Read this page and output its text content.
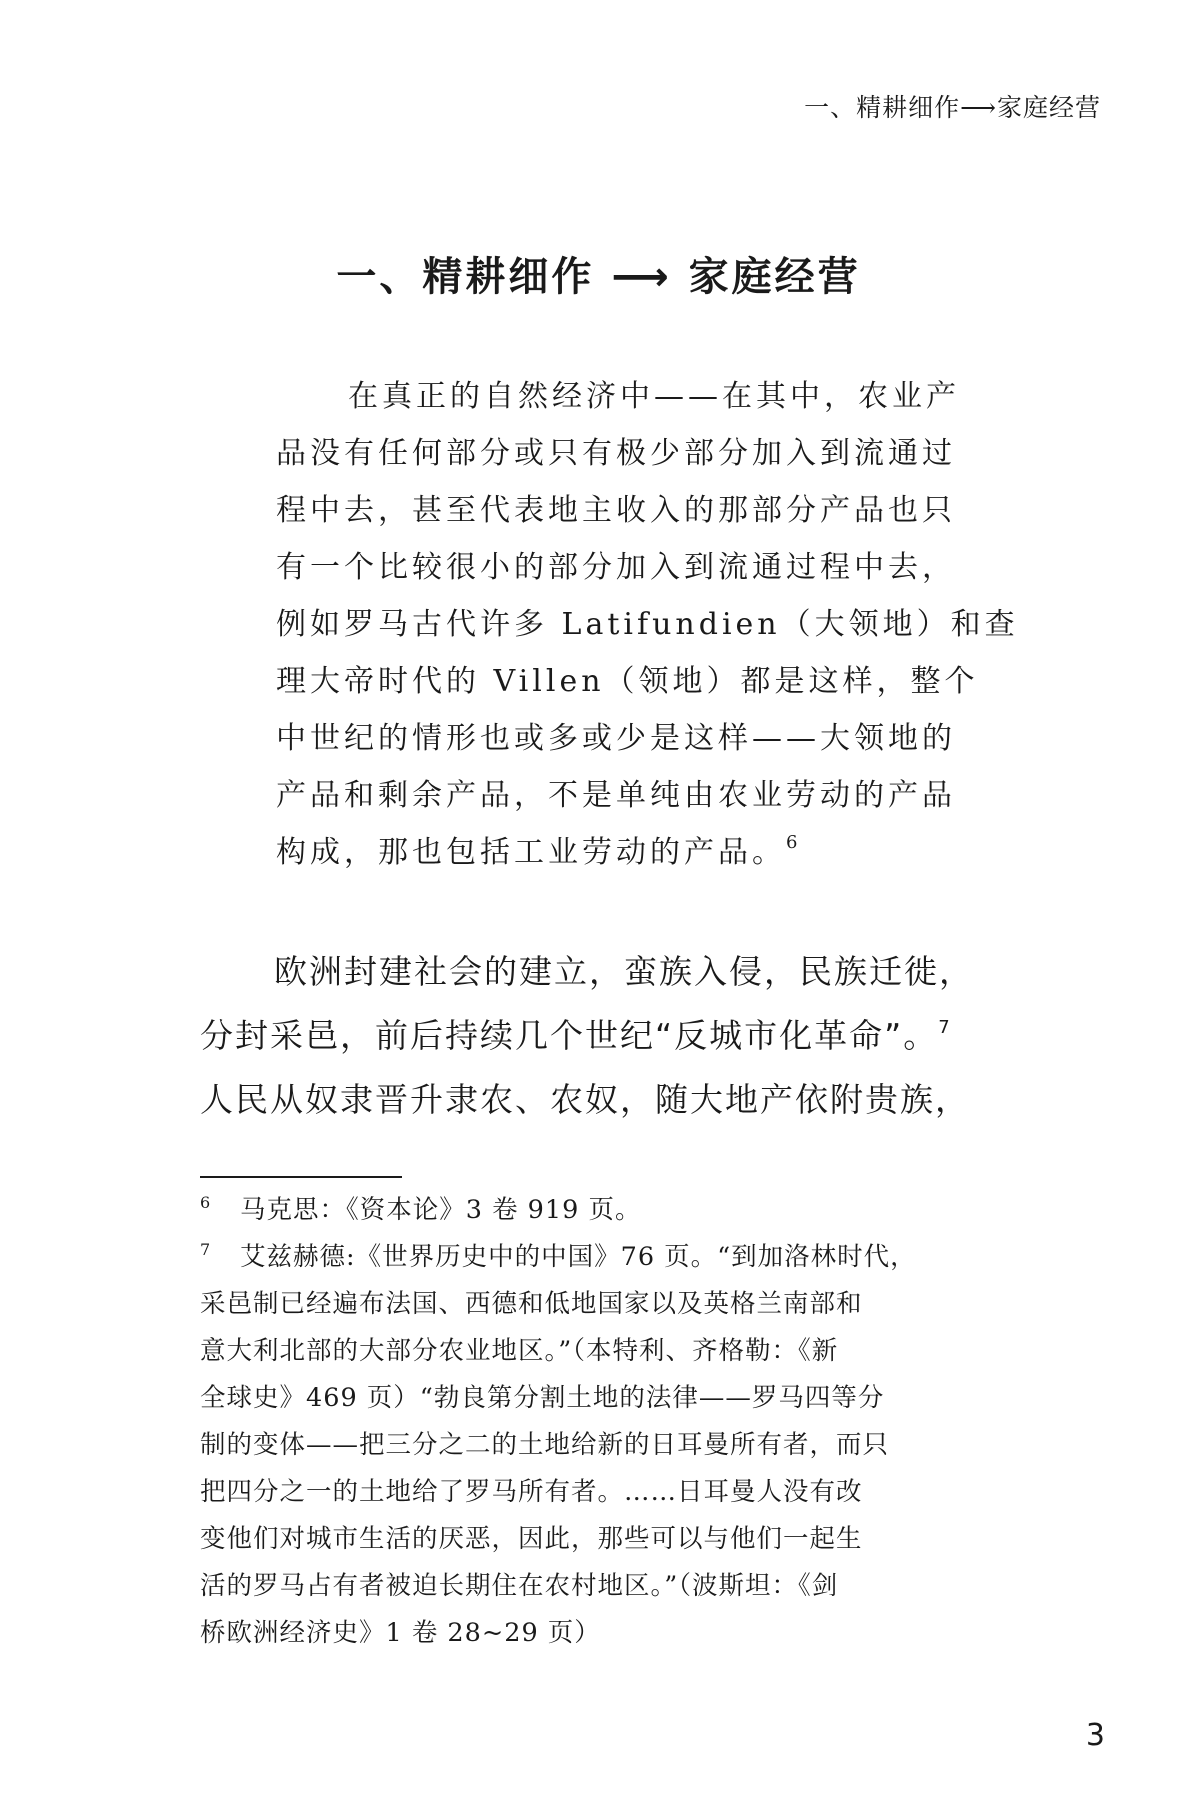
一、精耕细作⟶家庭经营
一、精耕细作 ⟶ 家庭经营
在真正的自然经济中——在其中，农业产
品没有任何部分或只有极少部分加入到流通过
程中去，甚至代表地主收入的那部分产品也只
有一个比较很小的部分加入到流通过程中去，
例如罗马古代许多 Latifundien（大领地）和查
理大帝时代的 Villen（领地）都是这样，整个
中世纪的情形也或多或少是这样——大领地的
产品和剩余产品，不是单纯由农业劳动的产品
构成，那也包括工业劳动的产品。$^6$
欧洲封建社会的建立，蛮族入侵，民族迁徙，
分封采邑，前后持续几个世纪“反城市化革命”。$^7$
人民从奴隶晋升隶农、农奴，随大地产依附贵族，
6 马克思：《资本论》3 卷 919 页。
7 艾兹赫德:《世界历史中的中国》76 页。“到加洛林时代，
采邑制已经遍布法国、西德和低地国家以及英格兰南部和
意大利北部的大部分农业地区。”（本特利、齐格勒：《新
全球史》469 页）“勃良第分割土地的法律——罗马四等分
制的变体——把三分之二的土地给新的日耳曼所有者，而只
把四分之一的土地给了罗马所有者。……日耳曼人没有改
变他们对城市生活的厌恶，因此，那些可以与他们一起生
活的罗马占有者被迫长期住在农村地区。”（波斯坦：《剑
桥欧洲经济史》1 卷 28~29 页）
3
